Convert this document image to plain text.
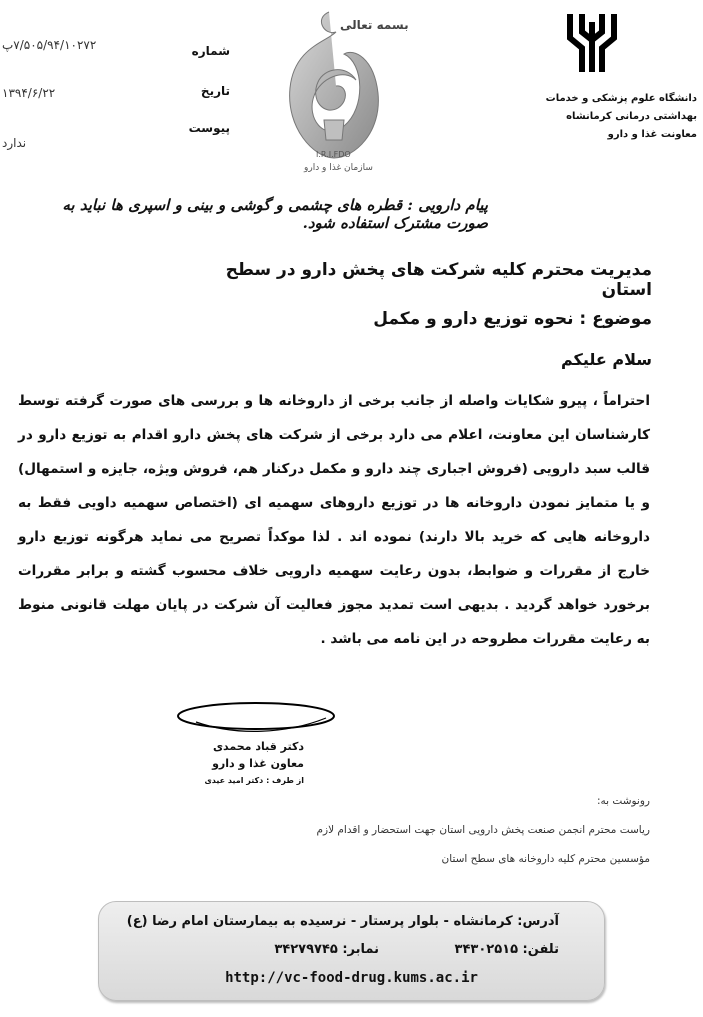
شماره
۷/۵۰۵/۹۴/۱۰۲۷۲پ
تاریخ
۱۳۹۴/۶/۲۲
پیوست
ندارد
بسمه تعالی
I.R.I.FDO
سازمان غذا و دارو
دانشگاه علوم پزشکی و خدمات بهداشتی درمانی کرمانشاه
معاونت غذا و دارو
پیام دارویی : قطره های چشمی و گوشی و بینی و اسپری ها نباید به صورت مشترک استفاده شود.
مدیریت محترم کلیه شرکت های پخش دارو در سطح استان
موضوع : نحوه توزیع دارو و مکمل
سلام علیکم
احتراماً ، پیرو شکایات واصله از جانب برخی از داروخانه ها و بررسی های صورت گرفته توسط کارشناسان این معاونت، اعلام می دارد برخی از شرکت های پخش دارو اقدام به توزیع دارو در قالب سبد دارویی (فروش اجباری چند دارو و مکمل درکنار هم، فروش ویژه، جایزه و استمهال) و یا متمایز نمودن داروخانه ها در توزیع داروهای سهمیه ای (اختصاص سهمیه داویی فقط به داروخانه هایی که خرید بالا دارند) نموده اند . لذا موکداً تصریح می نماید هرگونه توزیع دارو خارج از مقررات و ضوابط، بدون رعایت سهمیه دارویی خلاف محسوب گشته و برابر مقررات برخورد خواهد گردید . بدیهی است تمدید مجوز فعالیت آن شرکت در پایان مهلت قانونی منوط به رعایت مقررات مطروحه در این نامه می باشد .
دکتر قباد محمدی
معاون غذا و دارو
از طرف : دکتر امید عیدی
رونوشت به:
ریاست محترم انجمن صنعت پخش دارویی استان جهت استحضار و اقدام لازم
مؤسسین محترم کلیه داروخانه های سطح استان
آدرس: کرمانشاه - بلوار پرستار - نرسیده به بیمارستان امام رضا (ع)
تلفن: ۳۴۳۰۲۵۱۵
نمابر: ۳۴۲۷۹۷۴۵
http://vc-food-drug.kums.ac.ir
